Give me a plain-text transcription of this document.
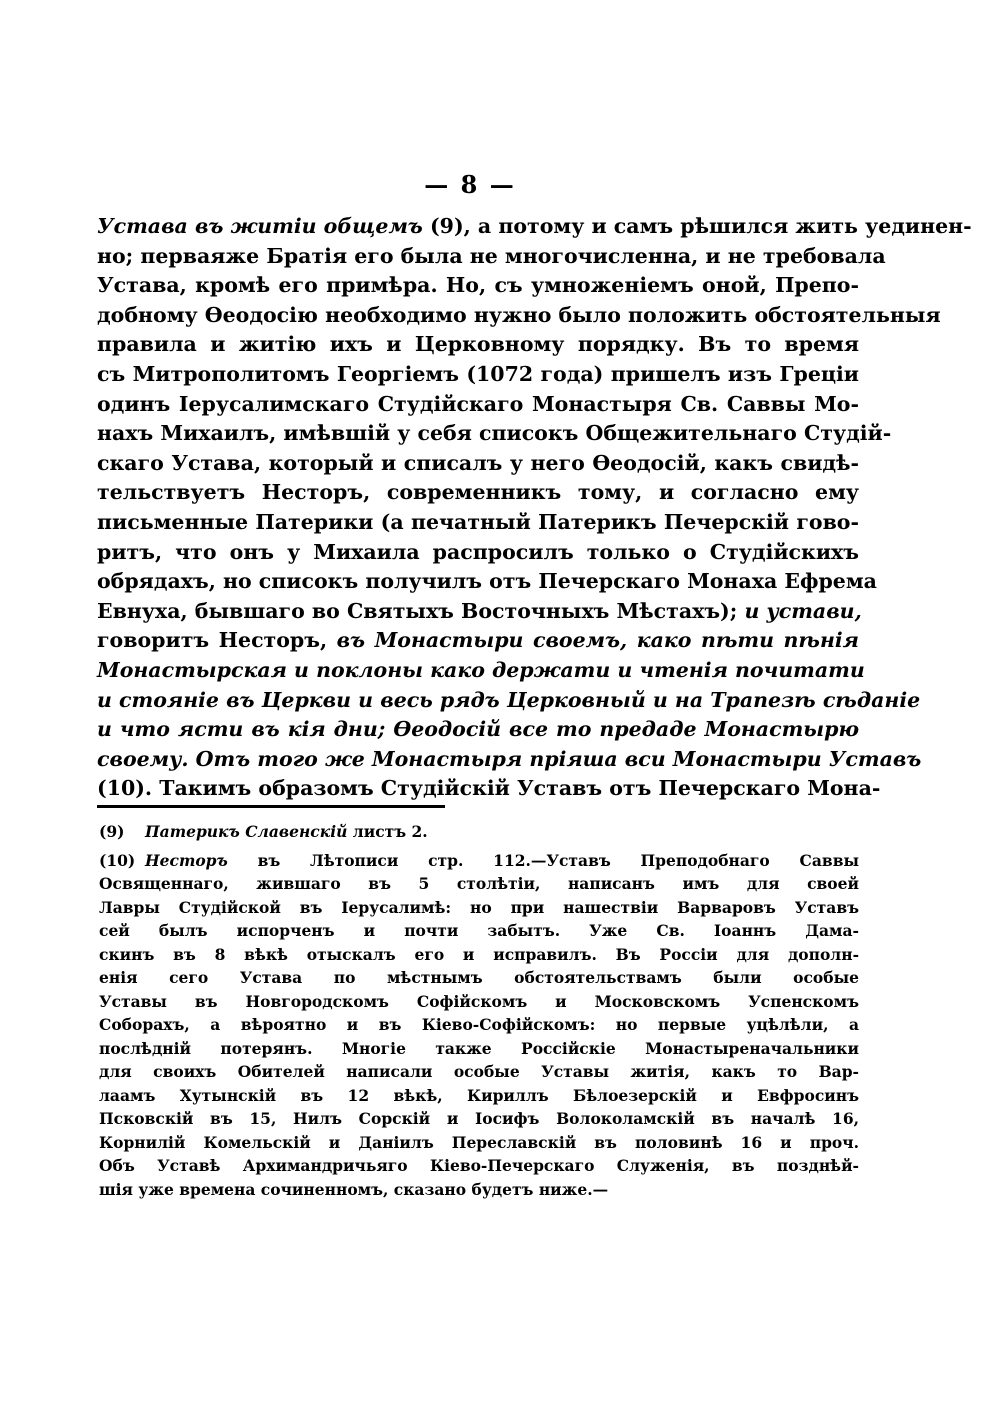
— 8 —
Устава въ житіи общемъ (9), а потому и самъ рѣшился жить уединен-
но; перваяже Братія его была не многочисленна, и не требовала
Устава, кромѣ его примѣра. Но, съ умноженіемъ оной, Препо-
добному Ѳеодосію необходимо нужно было положить обстоятельныя
правила и житію ихъ и Церковному порядку. Въ то время
съ Митрополитомъ Георгіемъ (1072 года) пришелъ изъ Греціи
одинъ Іерусалимскаго Студійскаго Монастыря Св. Саввы Мо-
нахъ Михаилъ, имѣвшій у себя списокъ Общежительнаго Студій-
скаго Устава, который и списалъ у него Ѳеодосій, какъ свидѣ-
тельствуетъ Несторъ, современникъ тому, и согласно ему
письменные Патерики (а печатный Патерикъ Печерскій гово-
ритъ, что онъ у Михаила распросилъ только о Студійскихъ
обрядахъ, но списокъ получилъ отъ Печерскаго Монаха Ефрема
Евнуха, бывшаго во Святыхъ Восточныхъ Мѣстахъ); и устави,
говоритъ Несторъ, въ Монастыри своемъ, како пѣти пѣнія
Монастырская и поклоны како держати и чтенія почитати
и стояніе въ Церкви и весь рядъ Церковный и на Трапезѣ сѣданіе
и что ясти въ кія дни; Ѳеодосій все то предаде Монастырю
своему. Отъ того же Монастыря пріяша вси Монастыри Уставъ
(10). Такимъ образомъ Студійскій Уставъ отъ Печерскаго Мона-
(9)	Патерикъ Славенскій листъ 2.
(10) Несторъ въ Лѣтописи стр. 112.—Уставъ Преподобнаго Саввы
Освященнаго, жившаго въ 5 столѣтіи, написанъ имъ для своей
Лавры Студійской въ Іерусалимѣ: но при нашествіи Варваровъ Уставъ
сей былъ испорченъ и почти забытъ. Уже Св. Іоаннъ Дама-
скинъ въ 8 вѣкѣ отыскалъ его и исправилъ. Въ Россіи для дополн-
енія сего Устава по мѣстнымъ обстоятельствамъ были особые
Уставы въ Новгородскомъ Софійскомъ и Московскомъ Успенскомъ
Соборахъ, а вѣроятно и въ Кіево-Софійскомъ: но первые уцѣлѣли, а
послѣдній потерянъ. Многіе также Россійскіе Монастыреначальники
для своихъ Обителей написали особые Уставы житія, какъ то Вар-
лаамъ Хутынскій въ 12 вѣкѣ, Кириллъ Бѣлоезерскій и Евфросинъ
Псковскій въ 15, Нилъ Сорскій и Іосифъ Волоколамскій въ началѣ 16,
Корнилій Комельскій и Даніилъ Переславскій въ половинѣ 16 и проч.
Объ Уставѣ Архимандричьяго Кіево-Печерскаго Служенія, въ позднѣй-
шія уже времена сочиненномъ, сказано будетъ ниже.—
